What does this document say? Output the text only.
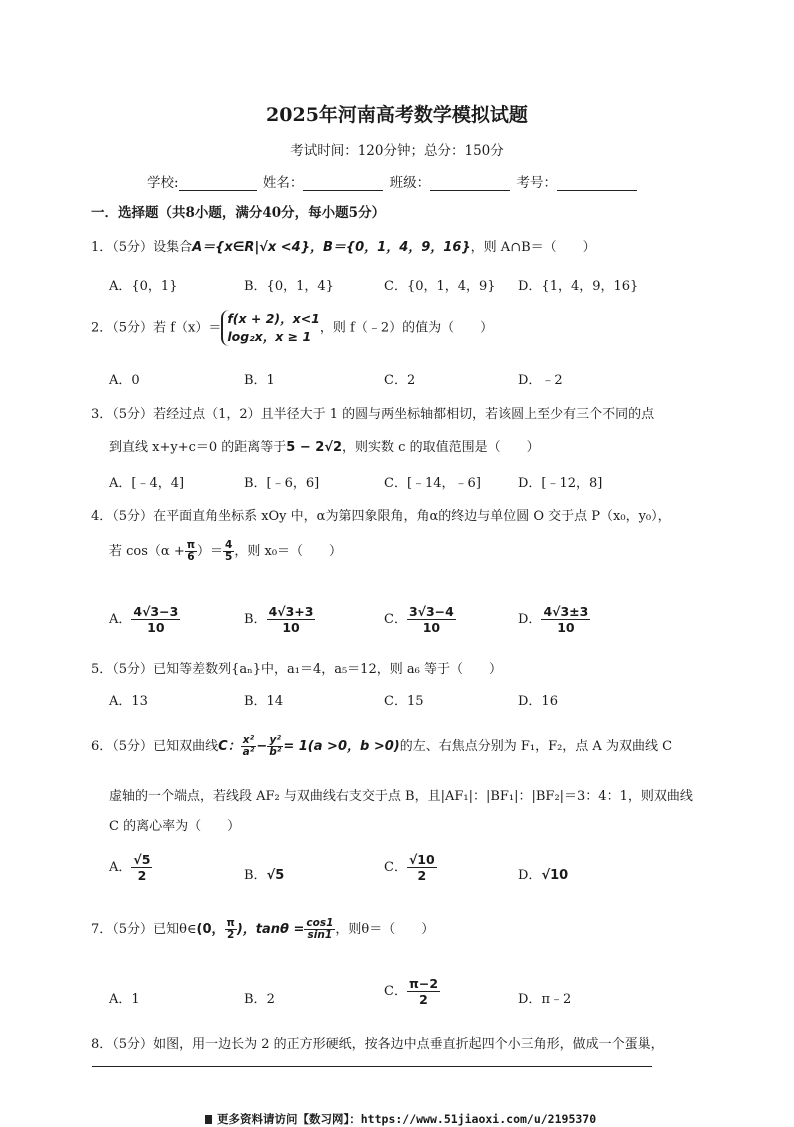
2025年河南高考数学模拟试题
考试时间：120分钟；总分：150分
学校:	姓名：	班级：	考号：
一．选择题（共8小题，满分40分，每小题5分）
1．（5分）设集合A＝{x∈R|√x <4}，B＝{0，1，4，9，16}，则 A∩B＝（　　）
A．{0，1}	B．{0，1，4}	C．{0，1，4，9} D．{1，4，9，16}
2．（5分）若 f（x）＝
f(x + 2)，x<1
log₂x，x ≥ 1
，则 f（﹣2）的值为（　　）
A．0	B．1	C．2	D．﹣2
3．（5分）若经过点（1，2）且半径大于 1 的圆与两坐标轴都相切，若该圆上至少有三个不同的点
到直线 x+y+c＝0 的距离等于5 − 2√2，则实数 c 的取值范围是（　　）
A．[﹣4，4]	B．[﹣6，6]	C．[﹣14，﹣6]	D．[﹣12，8]
4．（5分）在平面直角坐标系 xOy 中，α为第四象限角，角α的终边与单位圆 O 交于点 P（x₀，y₀），
若 $\cos(\alpha + \frac{\pi}{6}$ ）＝ $\frac{4}{5}$ ，则 x₀＝（　　）
A． $\frac{4√3-3}{10}$	B． $\frac{4√3+3}{10}$	C． $\frac{3√3-4}{10}$	D． $\frac{4√3\pm 3}{10}$
5．（5分）已知等差数列{aₙ}中，a₁＝4，a₅＝12，则 a₆ 等于（　　）
A．13	B．14	C．15	D．16
6．（5分）已知双曲线C： $\frac{\text{x²}}{\text{a²}} - \frac{\text{y²}}{\text{b²}} = 1(a >0$，b >0)的左、右焦点分别为 F₁，F₂，点 A 为双曲线 C
虚轴的一个端点，若线段 AF₂ 与双曲线右支交于点 B，且|AF₁|：|BF₁|：|BF₂|＝3：4：1，则双曲线
C 的离心率为（　　）
A． $\frac{√5}{2}$	B．√5
C． $\frac{√10}{2}$	D．√10
7．（5分）已知θ∈(0， $\frac{\pi}{2}$ )，$\tan\theta = \frac{\cos 1}{\sin 1}$ ，则θ＝（　　）
A．1	B．2
C． $\frac{\pi-2}{2}$	D．π﹣2
8．（5分）如图，用一边长为 2 的正方形硬纸，按各边中点垂直折起四个小三角形，做成一个蛋巢，
更多资料请访问【数习网】：https://www.51jiaoxi.com/u/2195370
